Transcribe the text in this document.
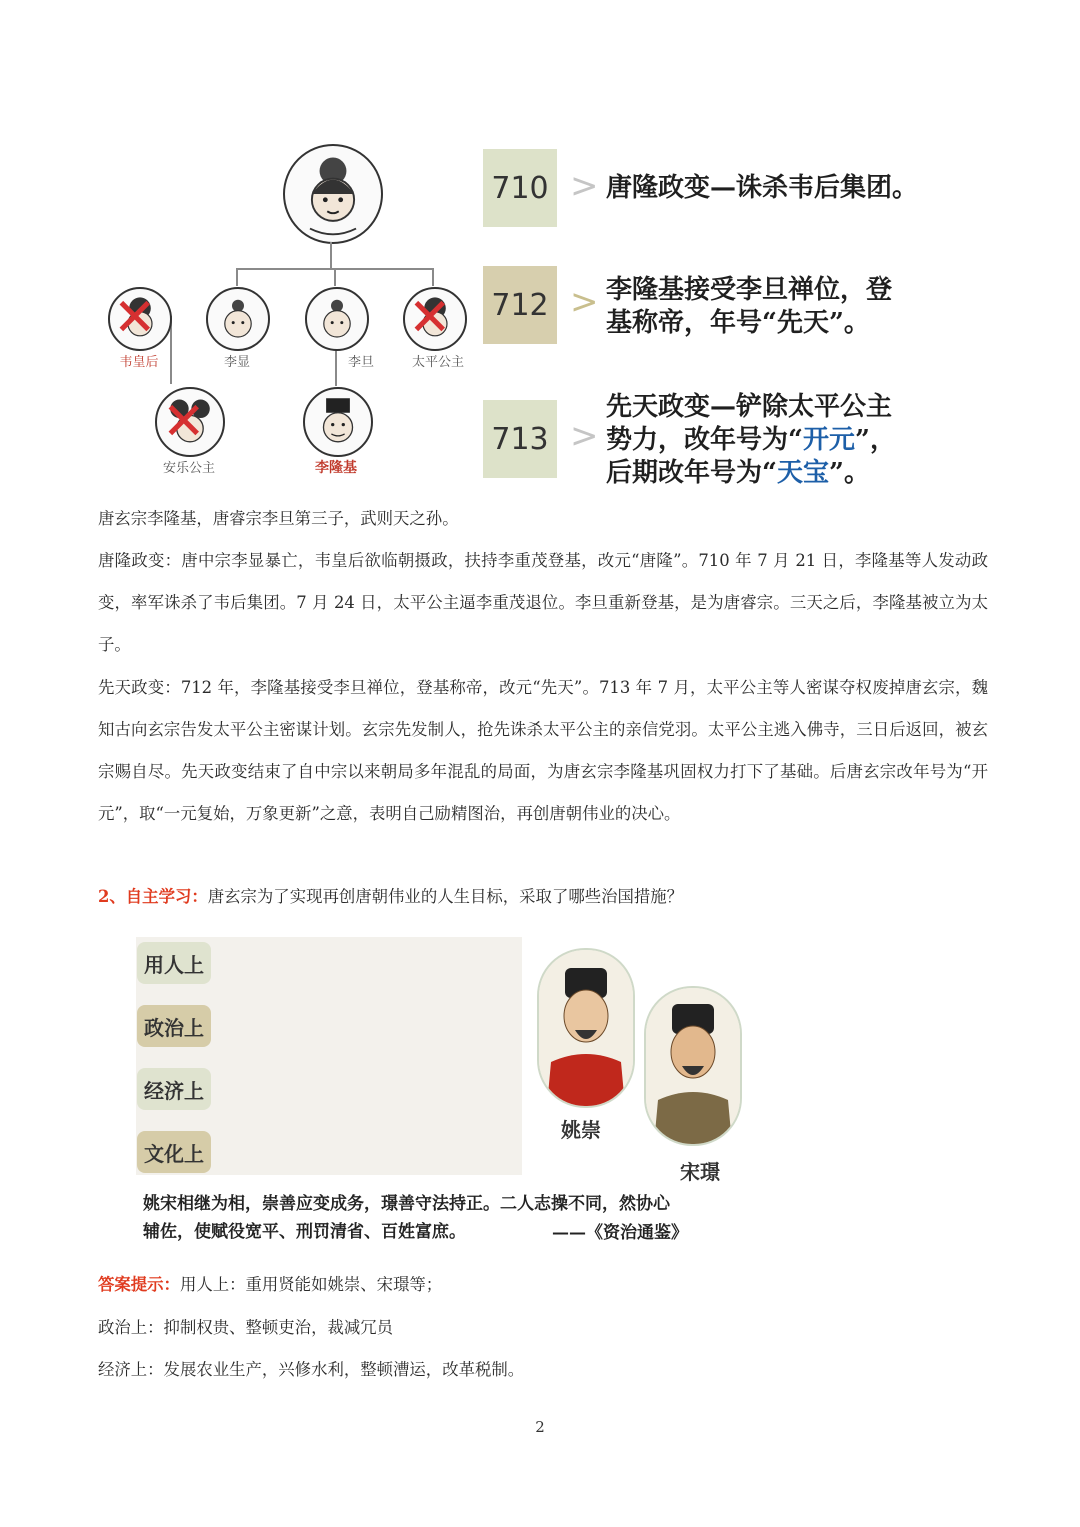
✕
韦皇后	李显	李旦
✕
太平公主
✕
安乐公主	李隆基
710 > 唐隆政变—诛杀韦后集团。
712 > 李隆基接受李旦禅位，登
基称帝，年号“先天”。
713 >
先天政变—铲除太平公主
势力，改年号为“开元”，
后期改年号为“天宝”。
唐玄宗李隆基，唐睿宗李旦第三子，武则天之孙。
唐隆政变：唐中宗李显暴亡，韦皇后欲临朝摄政，扶持李重茂登基，改元“唐隆”。710 年 7 月 21 日，李隆基等人发动政变，率军诛杀了韦后集团。7 月 24 日，太平公主逼李重茂退位。李旦重新登基，是为唐睿宗。三天之后，李隆基被立为太子。
先天政变：712 年，李隆基接受李旦禅位，登基称帝，改元“先天”。713 年 7 月，太平公主等人密谋夺权废掉唐玄宗，魏知古向玄宗告发太平公主密谋计划。玄宗先发制人，抢先诛杀太平公主的亲信党羽。太平公主逃入佛寺，三日后返回，被玄宗赐自尽。先天政变结束了自中宗以来朝局多年混乱的局面，为唐玄宗李隆基巩固权力打下了基础。后唐玄宗改年号为“开元”，取“一元复始，万象更新”之意，表明自己励精图治，再创唐朝伟业的决心。
2、自主学习：唐玄宗为了实现再创唐朝伟业的人生目标，采取了哪些治国措施？
用人上
政治上
经济上
文化上
姚崇
宋璟
姚宋相继为相，崇善应变成务，璟善守法持正。二人志操不同，然协心
辅佐，使赋役宽平、刑罚清省、百姓富庶。	——《资治通鉴》
答案提示：用人上：重用贤能如姚崇、宋璟等；
政治上：抑制权贵、整顿吏治，裁减冗员
经济上：发展农业生产，兴修水利，整顿漕运，改革税制。
2
